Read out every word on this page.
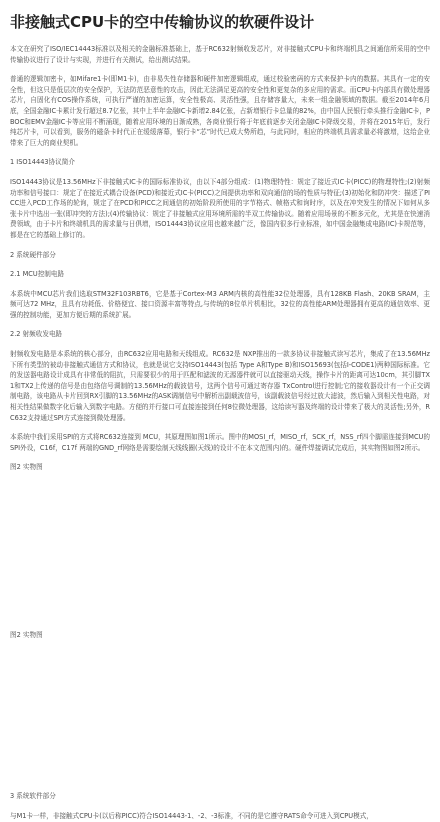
非接触式CPU卡的空中传输协议的软硬件设计

本文在研究了ISO/IEC14443标准以及相关的金融标准基础上，基于RC632射频收发芯片，对非接触式CPU卡和终端机具之间通信所采用的空中传输协议进行了设计与实现，并进行有关测试，给出测试结果。

普通的逻辑加密卡，如Mifare1卡(即M1卡)，由非易失性存储器和硬件加密逻辑组成，通过校验密码的方式来保护卡内的数据。其具有一定的安全性，但这只是低层次的安全保护，无法防范恶意性的攻击，因此无法满足更高的安全性和更复杂的多应用的需求。而CPU卡内部具有微处理器芯片，自固化有COS操作系统，可执行严谨的加密运算，安全性极高、灵活性强，且存储容量大，未来一组金融领域的数据。截至2014年6月底，全国金融IC卡累计发行超过8.7亿张，其中上半年金融IC卡新增2.84亿张，占新增银行卡总量的82%，由中国人民银行牵头推行金融IC卡，PBOC和EMV金融IC卡等应用不断涌现，随着应用环境的日渐成熟，各商业银行将于年底前逐步关闭金融IC卡降级交易，并将在2015年后，发行纯芯片卡，可以看到，服务的磁条卡时代正在缓缓落幕，银行卡“芯”时代已成大势所趋，与此同时，相应的终端机具需求量必将激增，这给企业带来了巨大的商业契机。

1 ISO14443协议简介

ISO14443协议是13.56MHz下非接触式IC卡的国际标准协议，由以下4部分组成：(1)物理特性：规定了接近式IC卡(PICC)的物理特性;(2)射频功率和信号接口：规定了在接近式耦合设备(PCD)和接近式IC卡(PICC)之间提供功率和双向通信的场的性质与特征;(3)初始化和防冲突：描述了PICC进入PCD工作场的轮询，规定了在PCD和PICC之间通信的初始阶段所使用的字节格式、帧格式和询时序，以及在冲突发生的情况下如何从多张卡片中选出一张(即冲突的方法);(4)传输协议：规定了非接触式应用环境所需的半双工传输协议。随着应用场景的不断多元化，尤其是在快速消费领域，由于卡片和终端机具的需求量与日俱增，ISO14443协议应用也越来越广泛，像国内很多行业标准，如中国金融集成电路(IC)卡规范等，都是在它的基础上修订的。

2 系统硬件部分
2.1 MCU控制电路

本系统中MCU芯片我们选取STM32F103RBT6，它是基于Cortex-M3 ARM内核的高性能32位处理器，具有128KB Flash、20KB SRAM，主频可达72 MHz，且具有功耗低、价格便宜、接口资源丰富等特点,与传统的8位单片机相比，32位的高性能ARM处理器拥有更高的通信效率、更强的控制功能，更加方便后期的系统扩展。

2.2 射频收发电路

射频收发电路是本系统的核心部分，由RC632应用电路和天线组成。RC632是 NXP推出的一款多协议非接触式读写芯片，集成了在13.56MHz下所有类型的被动非接触式通信方式和协议，也就是说它支持ISO14443(包括 Type A和Type B)和ISO15693(包括I-CODE1)两种国际标准。它的发送器电路设计成具有非常低的阻抗，只需要很少的用于匹配和滤波的无源器件就可以直接驱动天线，操作卡片的距离可达10cm，其引脚TX1和TX2上传递的信号是由包络信号调制的13.56MHz的载波信号，这两个信号可通过寄存器 TxControl进行控制;它的接收器设计有一个正交调制电路，该电路从卡片回到RX引脚的13.56MHz的ASK调制信号中解析出副载波信号，该副载波信号经过放大滤波，然后输入到相关性电路，对相关性结果做数字化后输入到数字电路。方便的并行接口可直接连接到任何8位微处理器，这给读写器及终端的设计带来了极大的灵活性;另外，RC632支持通过SPI方式连接到微处理器。

本系统中我们采用SPI的方式将RC632连接到 MCU，其原理图如图1所示。图中的MOSI_rf，MISO_rf，SCK_rf，NSS_rf四个脚需连接到MCU的SPI外设，C16f，C17f 两端的GND_rf网络是需要绘制天线线圈(天线)的设计不在本文范围内)的。硬件焊接调试完成后，其实物图如图2所示。

图2 实物图
图2 实物图
3 系统软件部分

与M1卡一样，非接触式CPU卡(以后称PICC)符合ISO14443-1、-2、-3标准，不同的是它遵守RATS命令可进入到CPU模式，
